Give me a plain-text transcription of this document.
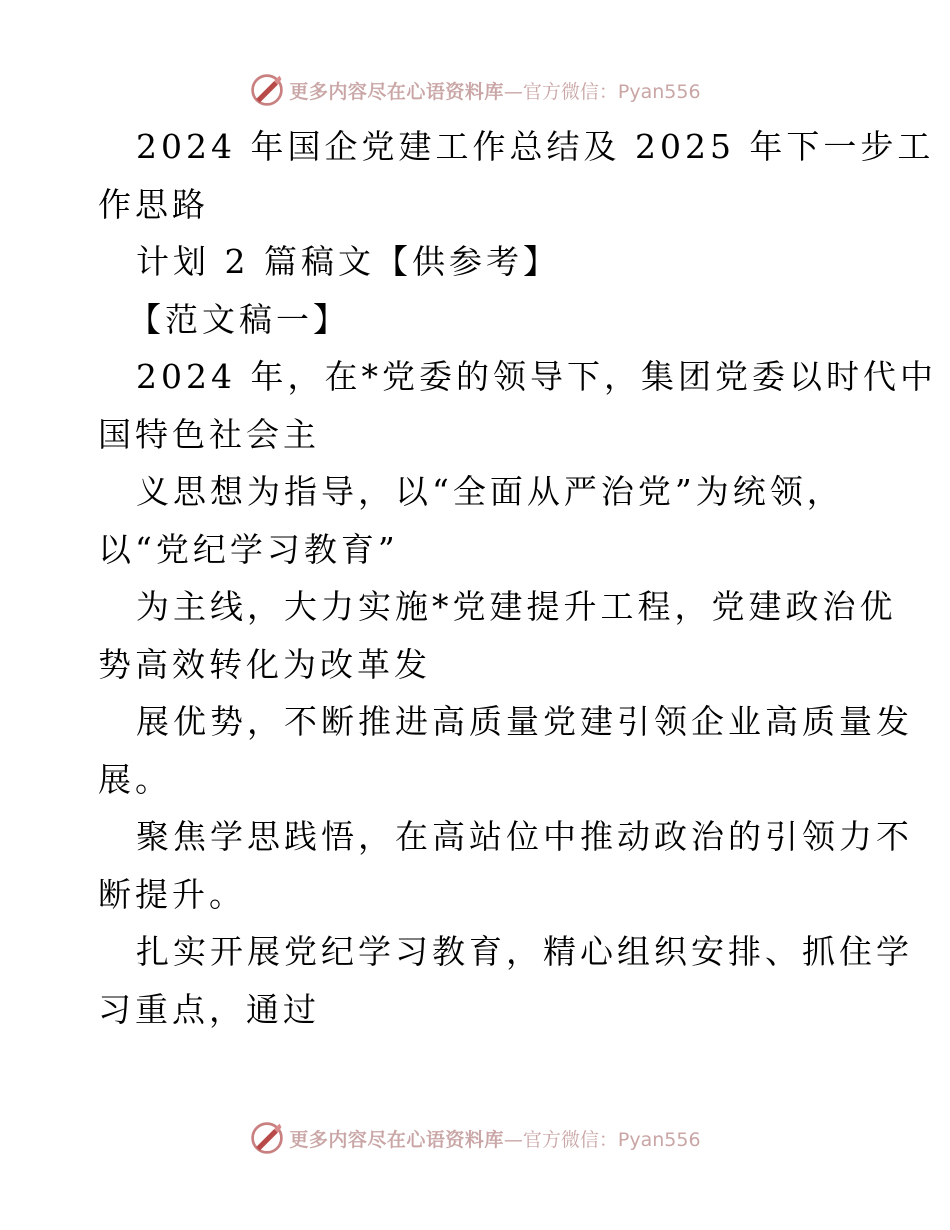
更多内容尽在心语资料库 —官方微信：Pyan556
2024 年国企党建工作总结及 2025 年下一步工
作思路
计划 2 篇稿文【供参考】
【范文稿一】
2024 年，在*党委的领导下，集团党委以时代中
国特色社会主
义思想为指导，以“全面从严治党”为统领，
以“党纪学习教育”
为主线，大力实施*党建提升工程，党建政治优
势高效转化为改革发
展优势，不断推进高质量党建引领企业高质量发
展。
聚焦学思践悟，在高站位中推动政治的引领力不
断提升。
扎实开展党纪学习教育，精心组织安排、抓住学
习重点，通过
更多内容尽在心语资料库 —官方微信：Pyan556
